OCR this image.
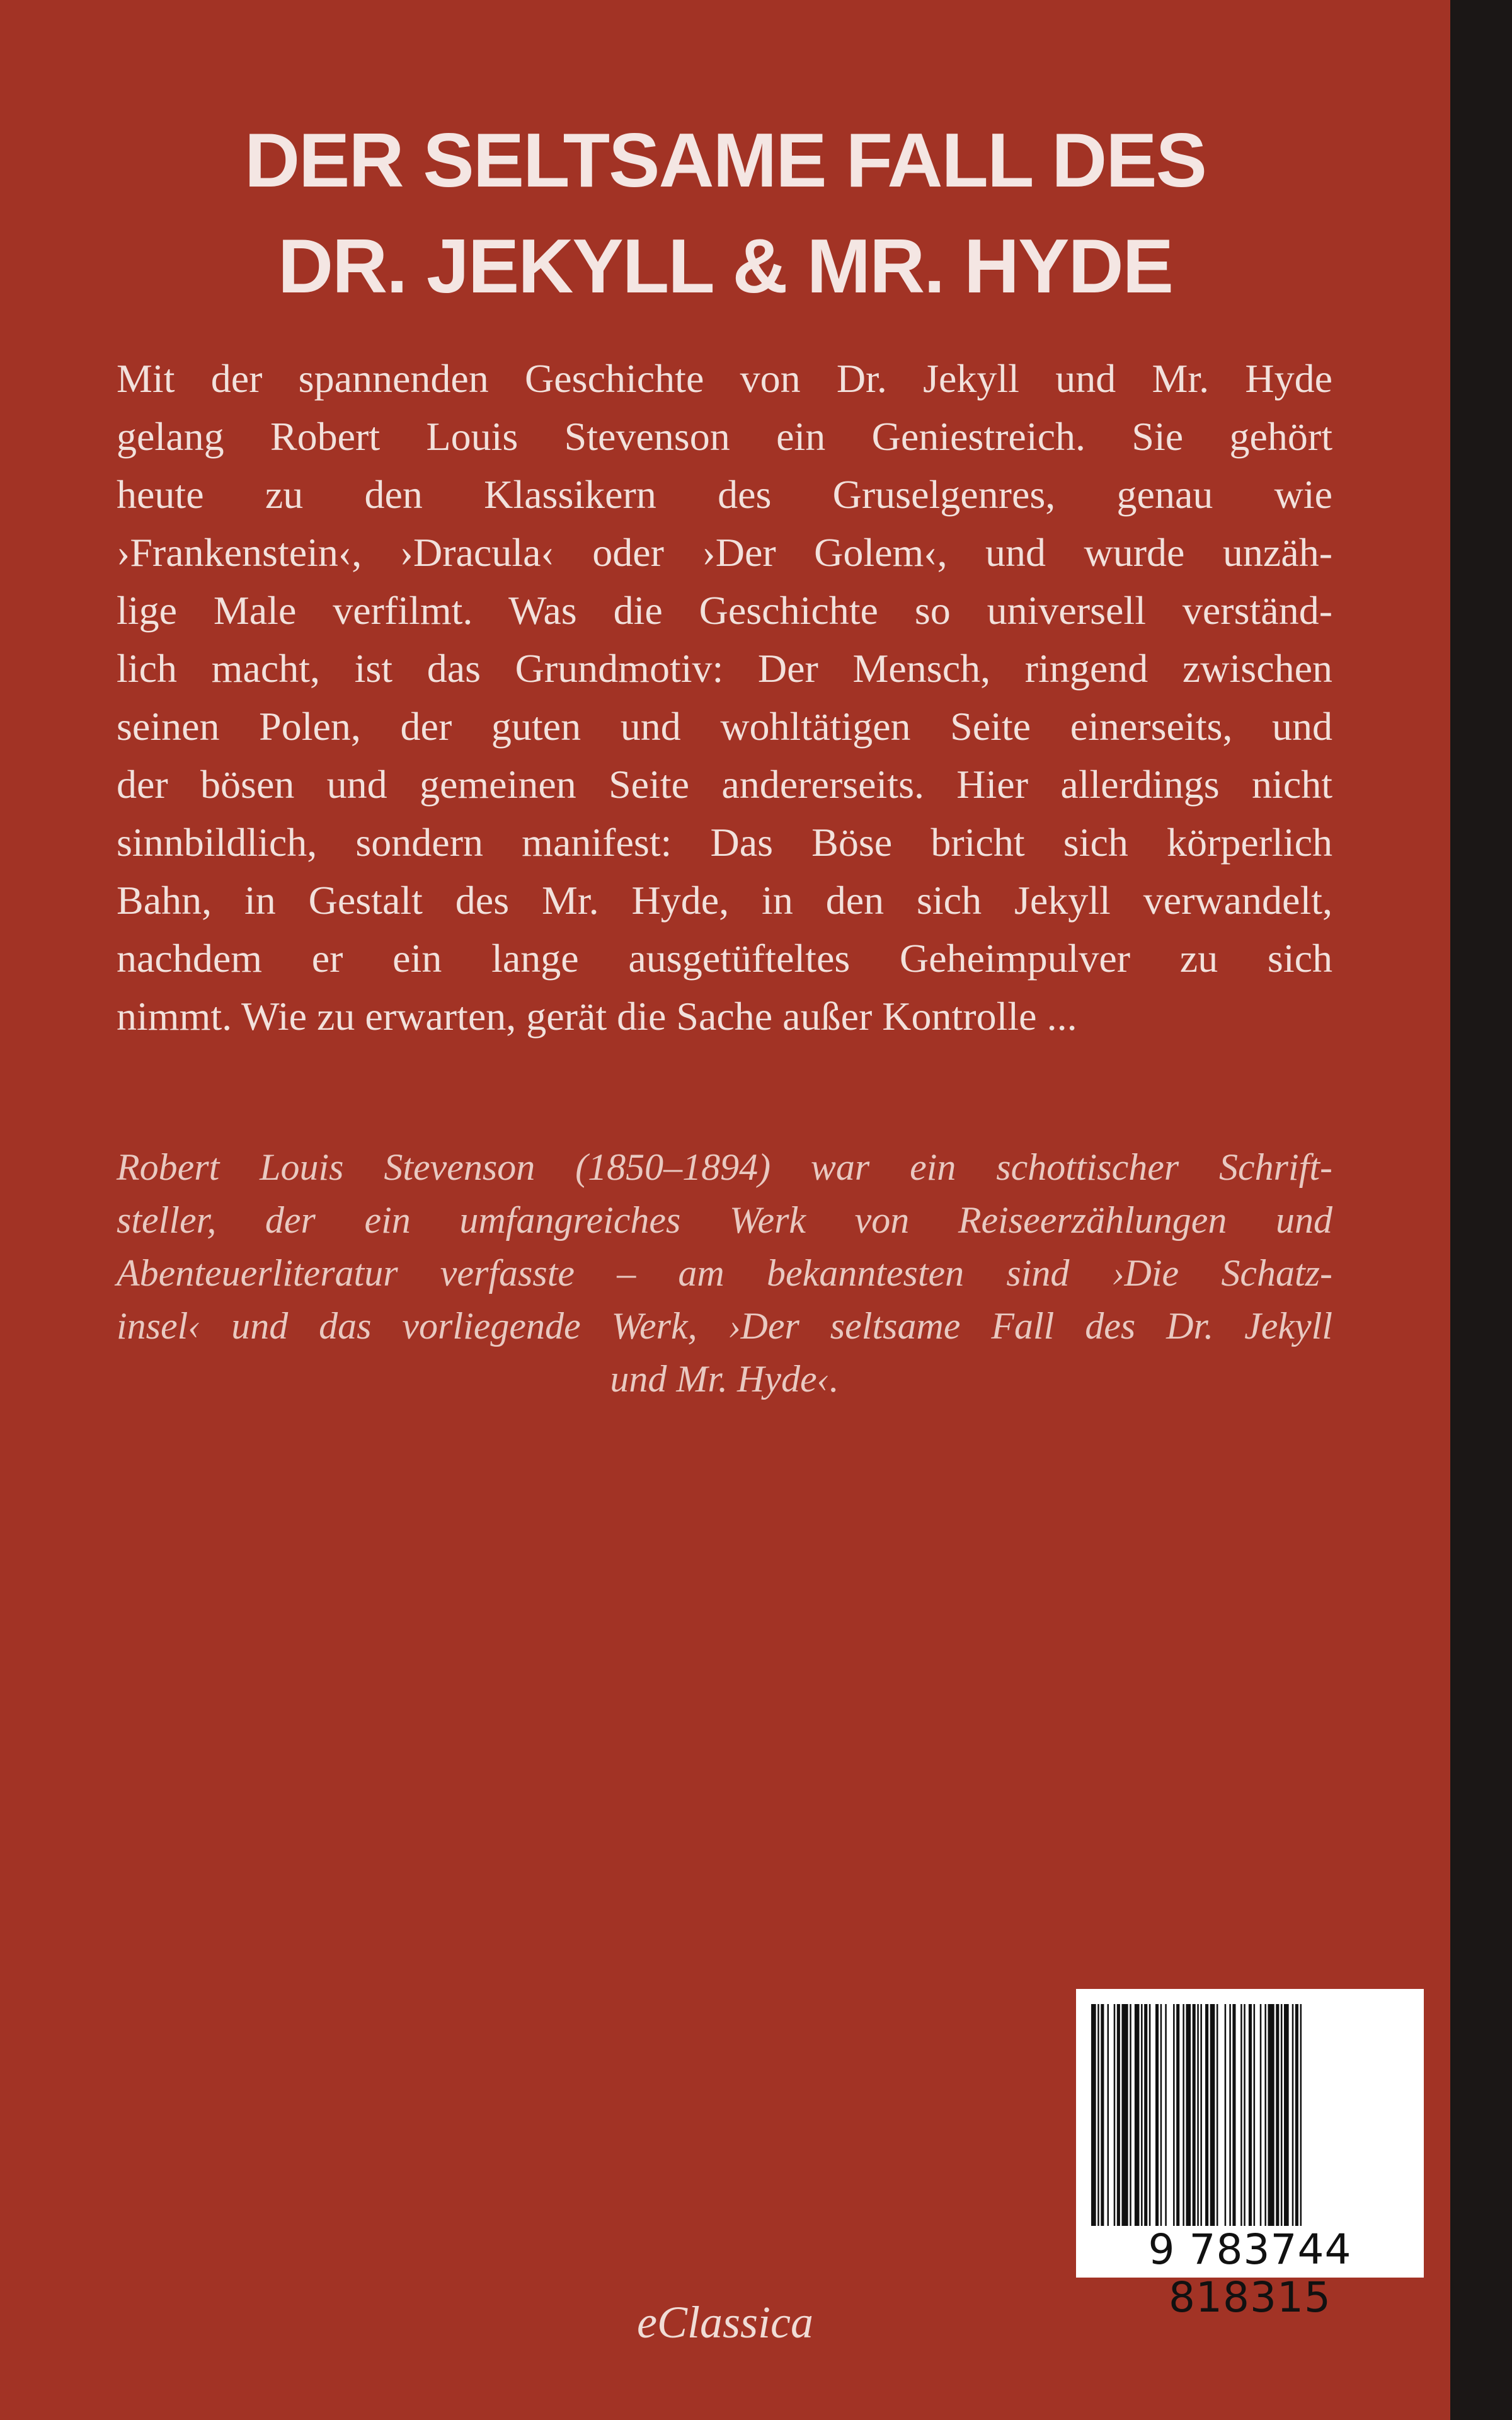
DER SELTSAME FALL DES
DR. JEKYLL & MR. HYDE
Mit der spannenden Geschichte von Dr. Jekyll und Mr. Hyde
gelang Robert Louis Stevenson ein Geniestreich. Sie gehört
heute zu den Klassikern des Gruselgenres, genau wie
›Frankenstein‹, ›Dracula‹ oder ›Der Golem‹, und wurde unzäh-
lige Male verfilmt. Was die Geschichte so universell verständ-
lich macht, ist das Grundmotiv: Der Mensch, ringend zwischen
seinen Polen, der guten und wohltätigen Seite einerseits, und
der bösen und gemeinen Seite andererseits. Hier allerdings nicht
sinnbildlich, sondern manifest: Das Böse bricht sich körperlich
Bahn, in Gestalt des Mr. Hyde, in den sich Jekyll verwandelt,
nachdem er ein lange ausgetüfteltes Geheimpulver zu sich
nimmt. Wie zu erwarten, gerät die Sache außer Kontrolle ...
Robert Louis Stevenson (1850–1894) war ein schottischer Schrift-
steller, der ein umfangreiches Werk von Reiseerzählungen und
Abenteuerliteratur verfasste – am bekanntesten sind ›Die Schatz-
insel‹ und das vorliegende Werk, ›Der seltsame Fall des Dr. Jekyll
und Mr. Hyde‹.
9 783744 818315
eClassica
